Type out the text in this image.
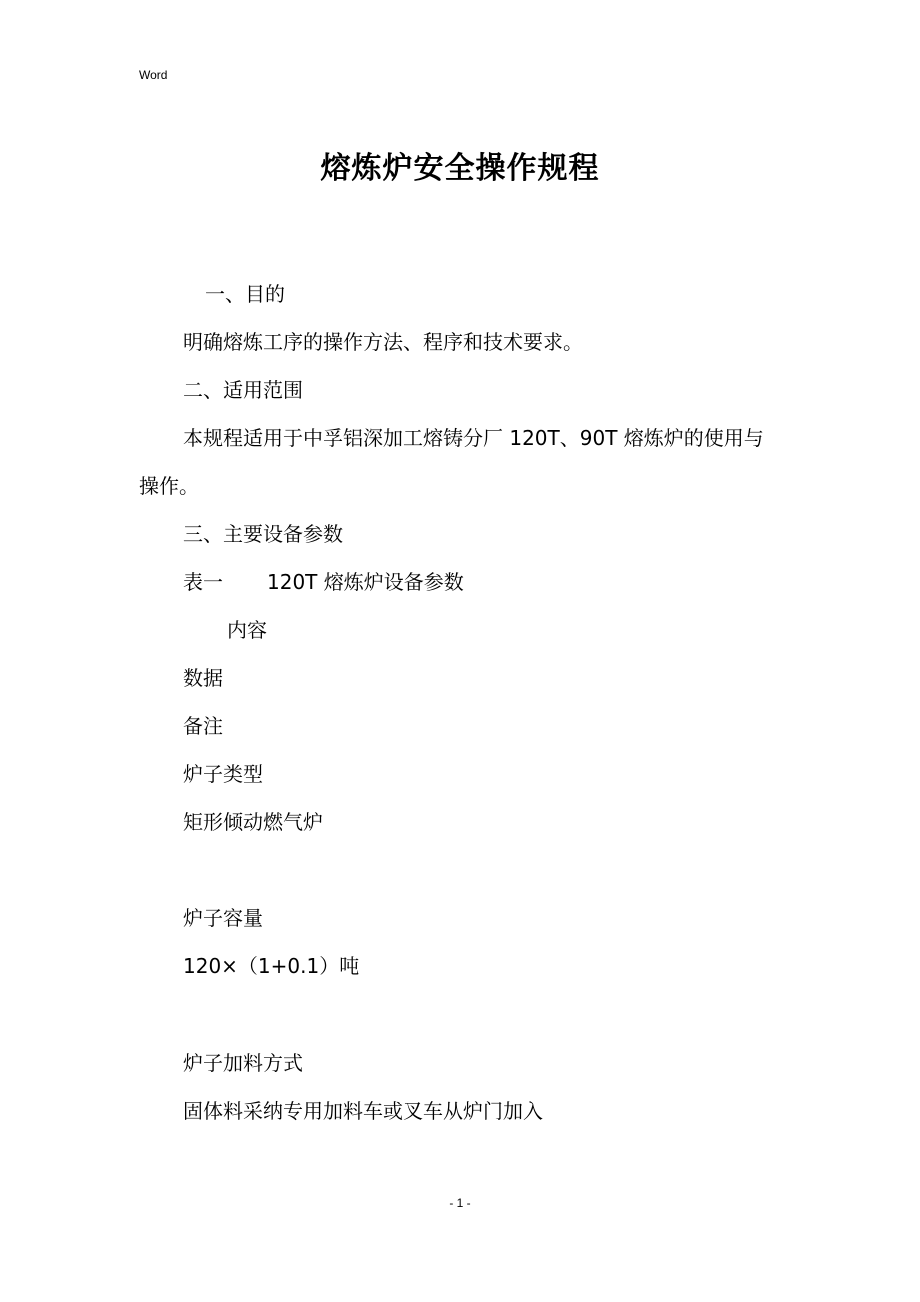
Word
熔炼炉安全操作规程
一、目的
明确熔炼工序的操作方法、程序和技术要求。
二、适用范围
本规程适用于中孚铝深加工熔铸分厂 120T、90T 熔炼炉的使用与
操作。
三、主要设备参数
表一 120T 熔炼炉设备参数
内容
数据
备注
炉子类型
矩形倾动燃气炉
炉子容量
120×（1+0.1）吨
炉子加料方式
固体料采纳专用加料车或叉车从炉门加入
- 1 -
